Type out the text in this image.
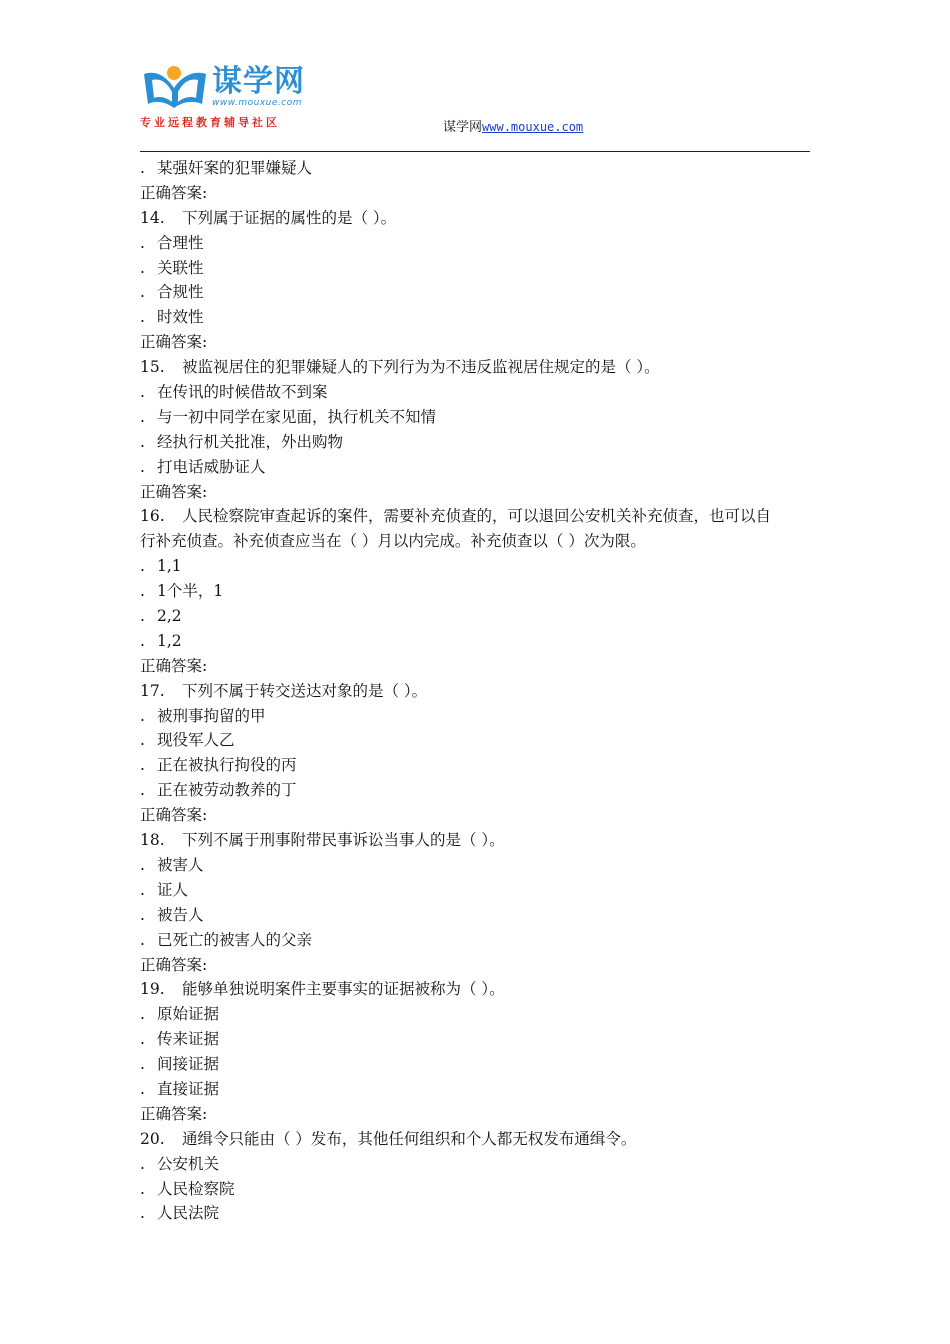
谋学网
www.mouxue.com
专业远程教育辅导社区	谋学网www.mouxue.com
. 某强奸案的犯罪嫌疑人
正确答案:
14. 下列属于证据的属性的是（ ）。
. 合理性
. 关联性
. 合规性
. 时效性
正确答案:
15. 被监视居住的犯罪嫌疑人的下列行为为不违反监视居住规定的是（ ）。
. 在传讯的时候借故不到案
. 与一初中同学在家见面，执行机关不知情
. 经执行机关批准，外出购物
. 打电话威胁证人
正确答案:
16. 人民检察院审查起诉的案件，需要补充侦查的，可以退回公安机关补充侦查，也可以自
行补充侦查。补充侦查应当在（ ）月以内完成。补充侦查以（ ）次为限。
. 1,1
. 1个半，1
. 2,2
. 1,2
正确答案:
17. 下列不属于转交送达对象的是（ ）。
. 被刑事拘留的甲
. 现役军人乙
. 正在被执行拘役的丙
. 正在被劳动教养的丁
正确答案:
18. 下列不属于刑事附带民事诉讼当事人的是（ ）。
. 被害人
. 证人
. 被告人
. 已死亡的被害人的父亲
正确答案:
19. 能够单独说明案件主要事实的证据被称为（ ）。
. 原始证据
. 传来证据
. 间接证据
. 直接证据
正确答案:
20. 通缉令只能由（ ）发布，其他任何组织和个人都无权发布通缉令。
. 公安机关
. 人民检察院
. 人民法院
